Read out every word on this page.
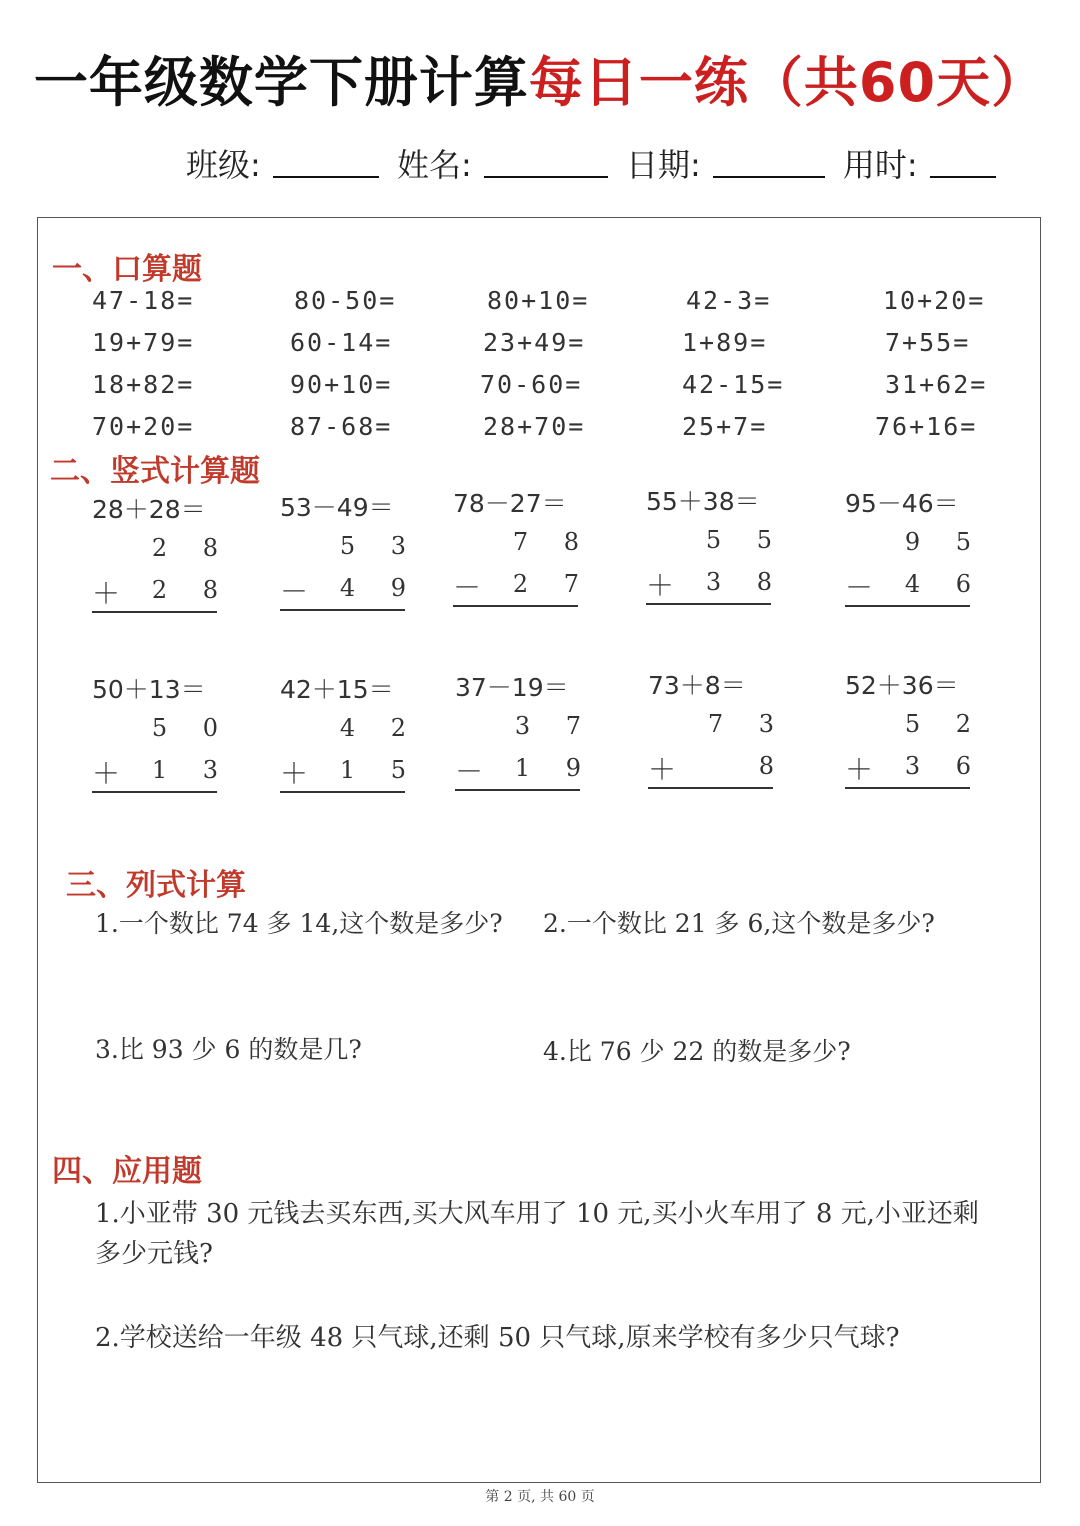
一年级数学下册计算每日一练（共60天）
班级:	姓名:	日期:	用时:
一、口算题
47-18=	80-50=	80+10=	42-3=	10+20=
19+79=	60-14=	23+49=	1+89=	7+55=
18+82=	90+10=	70-60=	42-15=	31+62=
70+20=	87-68=	28+70=	25+7=	76+16=
二、竖式计算题
28＋28＝
2 8
＋ 2 8
53－49＝
5 3
－ 4 9
78－27＝
7 8
－ 2 7
55＋38＝
5 5
＋ 3 8
95－46＝
9 5
－ 4 6
50＋13＝
5 0
＋ 1 3
42＋15＝
4 2
＋ 1 5
37－19＝
3 7
－ 1 9
73＋8＝
7 3
＋	8
52＋36＝
5 2
＋ 3 6
三、列式计算
1.一个数比 74 多 14,这个数是多少? 2.一个数比 21 多 6,这个数是多少?
3.比 93 少 6 的数是几?	4.比 76 少 22 的数是多少?
四、应用题
1.小亚带 30 元钱去买东西,买大风车用了 10 元,买小火车用了 8 元,小亚还剩多少元钱?
2.学校送给一年级 48 只气球,还剩 50 只气球,原来学校有多少只气球?
第 2 页, 共 60 页
